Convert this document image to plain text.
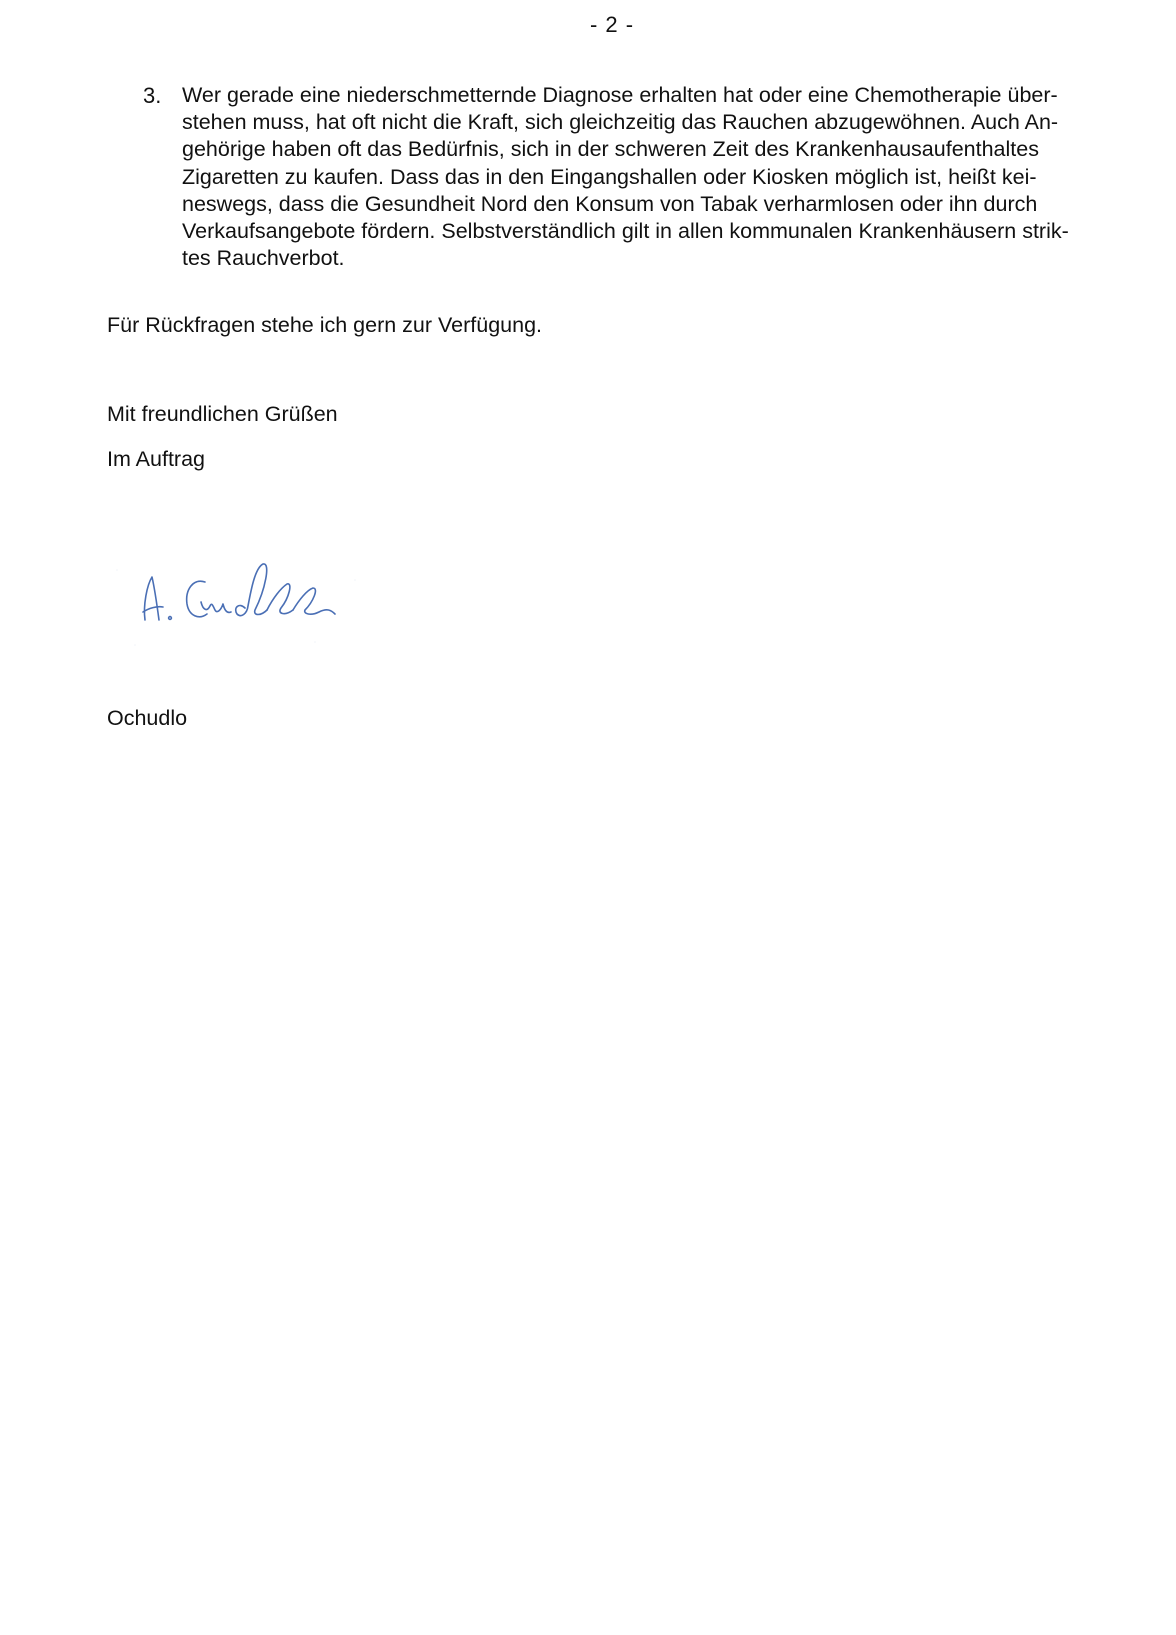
- 2 -
3. Wer gerade eine niederschmetternde Diagnose erhalten hat oder eine Chemotherapie über-
stehen muss, hat oft nicht die Kraft, sich gleichzeitig das Rauchen abzugewöhnen. Auch An-
gehörige haben oft das Bedürfnis, sich in der schweren Zeit des Krankenhausaufenthaltes
Zigaretten zu kaufen. Dass das in den Eingangshallen oder Kiosken möglich ist, heißt kei-
neswegs, dass die Gesundheit Nord den Konsum von Tabak verharmlosen oder ihn durch
Verkaufsangebote fördern. Selbstverständlich gilt in allen kommunalen Krankenhäusern strik-
tes Rauchverbot.
Für Rückfragen stehe ich gern zur Verfügung.
Mit freundlichen Grüßen
Im Auftrag
Ochudlo
